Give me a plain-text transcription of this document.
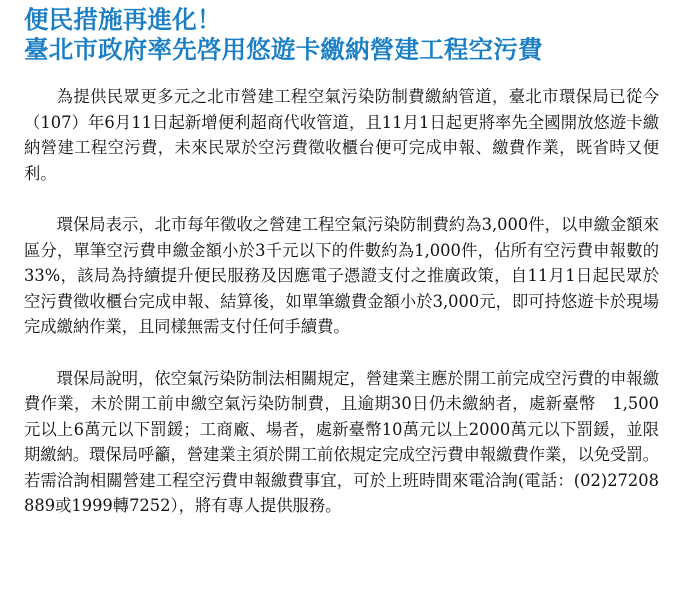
便民措施再進化！
臺北市政府率先啓用悠遊卡繳納營建工程空污費

為提供民眾更多元之北市營建工程空氣污染防制費繳納管道，臺北市環保局已從今（107）年6月11日起新增便利超商代收管道，且11月1日起更將率先全國開放悠遊卡繳納營建工程空污費，未來民眾於空污費徵收櫃台便可完成申報、繳費作業，既省時又便利。

環保局表示，北市每年徵收之營建工程空氣污染防制費約為3,000件，以申繳金額來區分，單筆空污費申繳金額小於3千元以下的件數約為1,000件，佔所有空污費申報數的33%，該局為持續提升便民服務及因應電子憑證支付之推廣政策，自11月1日起民眾於空污費徵收櫃台完成申報、結算後，如單筆繳費金額小於3,000元，即可持悠遊卡於現場完成繳納作業，且同樣無需支付任何手續費。

環保局說明，依空氣污染防制法相關規定，營建業主應於開工前完成空污費的申報繳費作業，未於開工前申繳空氣污染防制費，且逾期30日仍未繳納者，處新臺幣　1,500元以上6萬元以下罰鍰；工商廠、場者，處新臺幣10萬元以上2000萬元以下罰鍰，並限期繳納。環保局呼籲，營建業主須於開工前依規定完成空污費申報繳費作業，以免受罰。若需洽詢相關營建工程空污費申報繳費事宜，可於上班時間來電洽詢(電話：(02)27208889或1999轉7252），將有專人提供服務。
